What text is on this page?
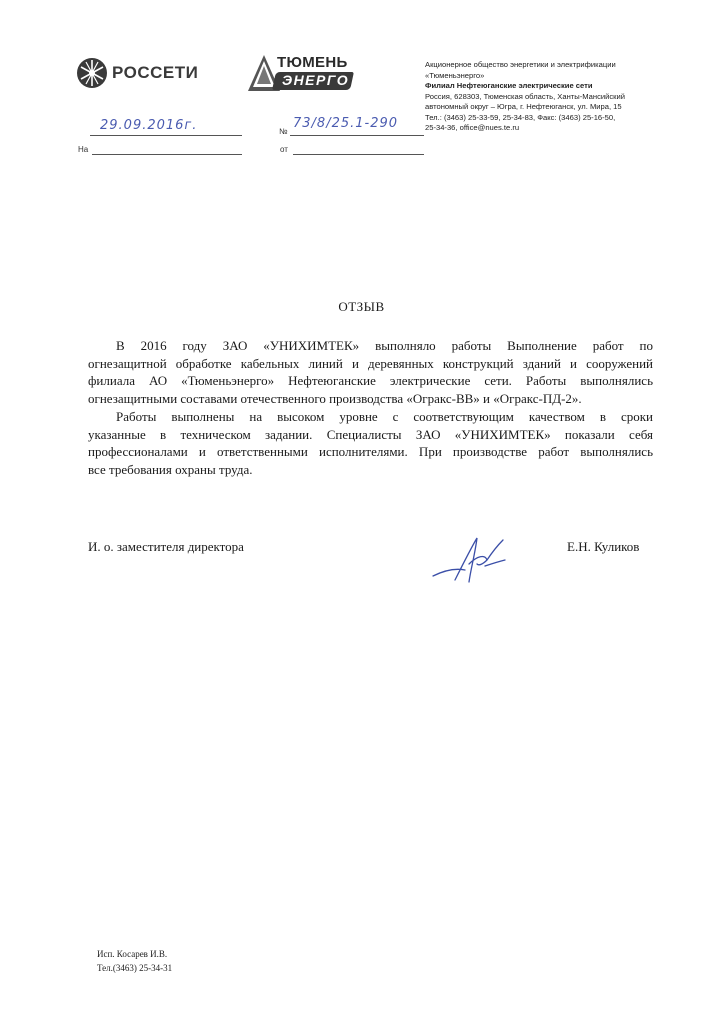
РОССЕТИ
ТЮМЕНЬ
ЭНЕРГО
Акционерное общество энергетики и электрификации
«Тюменьэнерго»
Филиал Нефтеюганские электрические сети
Россия, 628303, Тюменская область, Ханты-Мансийский
автономный округ – Югра, г. Нефтеюганск, ул. Мира, 15
Тел.: (3463) 25-33-59, 25-34-83, Факс: (3463) 25-16-50,
25-34-36, office@nues.te.ru
29.09.2016г.	№
73/8/25.1-290
На	от
ОТЗЫВ
В 2016 году ЗАО «УНИХИМТЕК» выполняло работы Выполнение работ по
огнезащитной обработке кабельных линий и деревянных конструкций зданий и сооружений
филиала АО «Тюменьэнерго» Нефтеюганские электрические сети. Работы выполнялись
огнезащитными составами отечественного производства «Огракс-ВВ» и «Огракс-ПД-2».
Работы выполнены на высоком уровне с соответствующим качеством в сроки
указанные в техническом задании. Специалисты ЗАО «УНИХИМТЕК» показали себя
профессионалами и ответственными исполнителями. При производстве работ выполнялись
все требования охраны труда.
И. о. заместителя директора	Е.Н. Куликов
Исп. Косарев И.В.
Тел.(3463) 25-34-31
